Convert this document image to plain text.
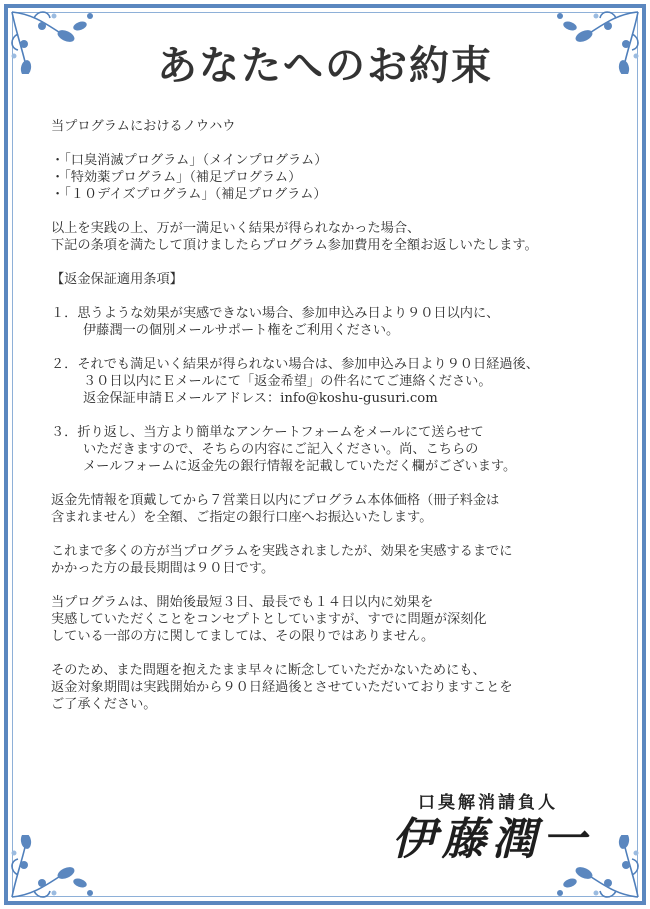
あなたへのお約束

当プログラムにおけるノウハウ

・「口臭消滅プログラム」（メインプログラム）

・「特効薬プログラム」（補足プログラム）

・「１０デイズプログラム」（補足プログラム）

以上を実践の上、万が一満足いく結果が得られなかった場合、

下記の条項を満たして頂けましたらプログラム参加費用を全額お返しいたします。

【返金保証適用条項】

１．思うような効果が実感できない場合、参加申込み日より９０日以内に、

伊藤潤一の個別メールサポート権をご利用ください。

２．それでも満足いく結果が得られない場合は、参加申込み日より９０日経過後、

３０日以内にＥメールにて「返金希望」の件名にてご連絡ください。

返金保証申請Ｅメールアドレス：info@koshu-gusuri.com

３．折り返し、当方より簡単なアンケートフォームをメールにて送らせて

いただきますので、そちらの内容にご記入ください。尚、こちらの

メールフォームに返金先の銀行情報を記載していただく欄がございます。

返金先情報を頂戴してから７営業日以内にプログラム本体価格（冊子料金は

含まれません）を全額、ご指定の銀行口座へお振込いたします。

これまで多くの方が当プログラムを実践されましたが、効果を実感するまでに

かかった方の最長期間は９０日です。

当プログラムは、開始後最短３日、最長でも１４日以内に効果を

実感していただくことをコンセプトとしていますが、すでに問題が深刻化

している一部の方に関してましては、その限りではありません。

そのため、また問題を抱えたまま早々に断念していただかないためにも、

返金対象期間は実践開始から９０日経過後とさせていただいておりますことを

ご了承ください。

口臭解消請負人
伊藤潤一
